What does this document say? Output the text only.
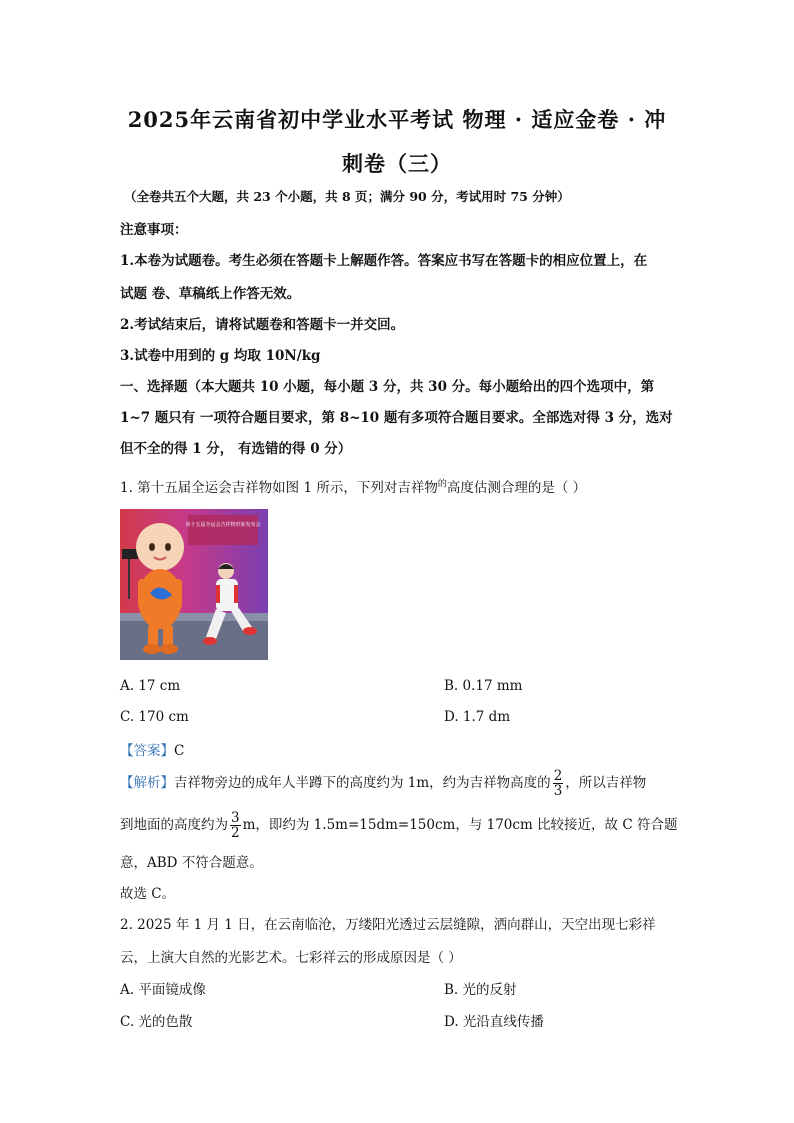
2025年云南省初中学业水平考试 物理 · 适应金卷 · 冲
刺卷（三）
（全卷共五个大题，共 23 个小题，共 8 页；满分 90 分，考试用时 75 分钟）
注意事项：
1.本卷为试题卷。考生必须在答题卡上解题作答。答案应书写在答题卡的相应位置上，在
试题 卷、草稿纸上作答无效。
2.考试结束后，请将试题卷和答题卡一并交回。
3.试卷中用到的 g 均取 10N/kg
一、选择题（本大题共 10 小题，每小题 3 分，共 30 分。每小题给出的四个选项中，第
1~7 题只有 一项符合题目要求，第 8~10 题有多项符合题目要求。全部选对得 3 分，选对
但不全的得 1 分， 有选错的得 0 分）
1. 第十五届全运会吉祥物如图 1 所示，下列对吉祥物$^的$高度估测合理的是（ ）
第十五届全运会吉祥物形象发布会
A. 17 cm	B. 0.17 mm
C. 170 cm	D. 1.7 dm
【答案】C
【解析】吉祥物旁边的成年人半蹲下的高度约为 1m，约为吉祥物高度的 $\frac{2}{3}$ ，所以吉祥物
到地面的高度约为 $\frac{3}{2}$ m，即约为 1.5m=15dm=150cm，与 170cm 比较接近，故 C 符合题
意，ABD 不符合题意。
故选 C。
2. 2025 年 1 月 1 日，在云南临沧，万缕阳光透过云层缝隙，洒向群山，天空出现七彩祥
云，上演大自然的光影艺术。七彩祥云的形成原因是（ ）
A. 平面镜成像	B. 光的反射
C. 光的色散	D. 光沿直线传播
